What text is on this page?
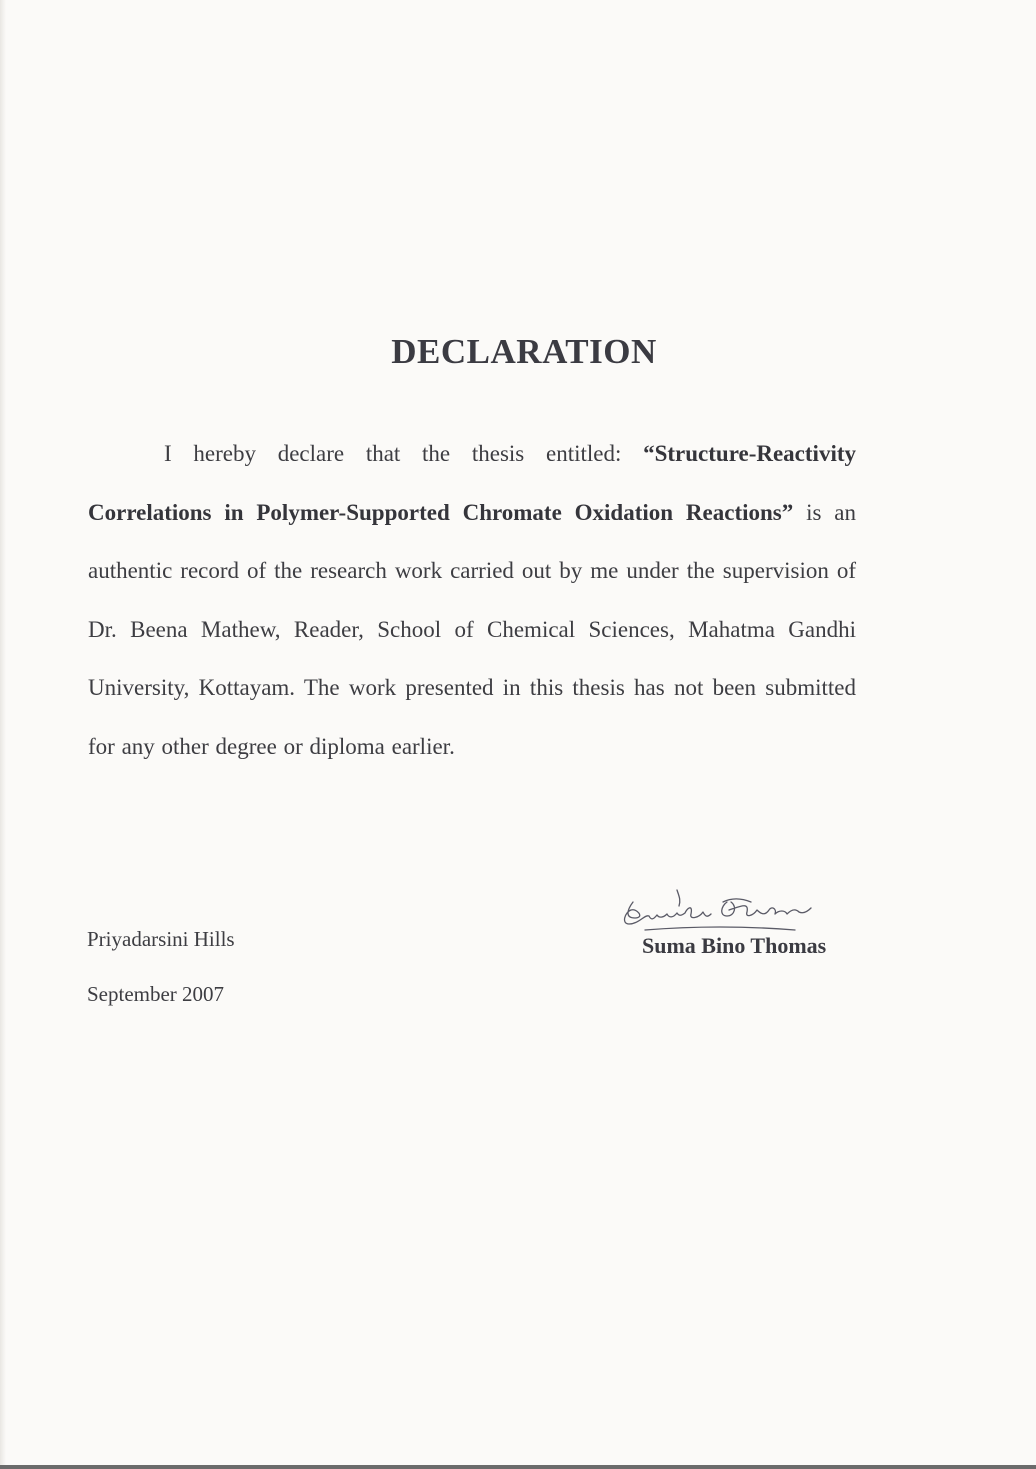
DECLARATION
I hereby declare that the thesis entitled: “Structure-Reactivity Correlations in Polymer-Supported Chromate Oxidation Reactions” is an authentic record of the research work carried out by me under the supervision of Dr. Beena Mathew, Reader, School of Chemical Sciences, Mahatma Gandhi University, Kottayam. The work presented in this thesis has not been submitted for any other degree or diploma earlier.
Priyadarsini Hills
September 2007
Suma Bino Thomas
